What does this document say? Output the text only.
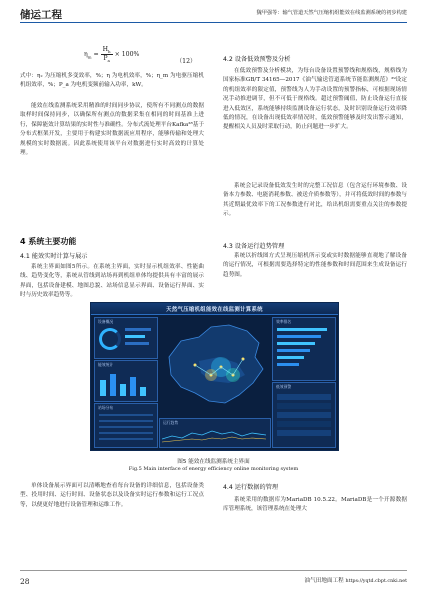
储运工程	魏甲强等：输气管道天然气压缩机组能效在线监测系统的初步构建
$\eta_m = \frac{H_h}{P_a} \times 100\%$
（12）
式中：η₂ 为压缩机多变效率，%；η 为电机效率，%；η_m 为电驱压缩机机组效率，%；P_a 为电机变频前输入功率，kW。
能效在线监测系统采用精准的时间同步协议，使所有不同测点的数据取样时间保持同步，以确保所有测点的数据采集在相同的时间基准上进行，保障能效计算结果的实时性与准确性。分布式流处理平台Kafka²⁸基于分布式框架开发，主要用于构建实时数据流应用程序，能够传输和处理大规模的实时数据流。因此系统使用该平台对数据进行实时高效的计算处理。
4 系统主要功能
4.1 能效实时计算与展示
系统主界面如图5所示。在系统主界面，实时显示机组效率、性能曲线、趋势变化等，系统从管线到站场再到机组单体均提供具有丰富的展示界面，包括设备建模、地图总貌、站场信息显示界面、设备运行界面、实时与历史效率趋势等。
4.2 设备低效预警及分析
在低效预警及分析模块，为每台设备设置预警线和规格线，规格线为国家标准GB/T 34165—2017《油气输送管道系统节能监测规范》²⁹设定的机组效率的限定值，预警线为人为手动设置的预警指标，可根据现场情况手动推进调节，但不可低于规格线。超过预警阈值，防止设备运行直接进入低效区，系统能够持续监测设备运行状态，及时识别设备运行效率降低的情况，在设备出现低效率情况时，低效预警能够及时发出警示通知，提醒相关人员及时采取行动，防止问题进一步扩大。
系统会记录设备低效发生时的完整工况信息（包含运行环境参数、设备本力参数、电能消耗参数、被送介质参数等），并可将低效时间的参数与其近期最优效率下的工况参数进行对比，给出机组需要重点关注的参数提示。
4.3 设备运行趋势管理
系统以折线图方式呈现压缩机所示变或实时数据能够直观地了解设备的运行情况，可根据需要选择特定的性能参数和时间范围来生成设备运行趋势图。
天然气压缩机组能效在线监测计算系统
设备概况
能效统计
站场分布
运行趋势
效率排名
低效预警
图5 能效在线监测系统主界面
Fig.5 Main interface of energy efficiency online monitoring system
单体设备展示界面可以清晰地查看每台设备的详细信息，包括设备类型、投用时间、运行时间、设备状态以及设备实时运行参数和运行工况点等，以便更好地进行设备管理和运维工作。
4.4 运行数据的管理
系统采用的数据库为MariaDB 10.5.22。MariaDB是一个开源数据库管理系统，该管理系统在处理大
28	油气田地面工程 https://yqtd.cbpt.cnki.net
